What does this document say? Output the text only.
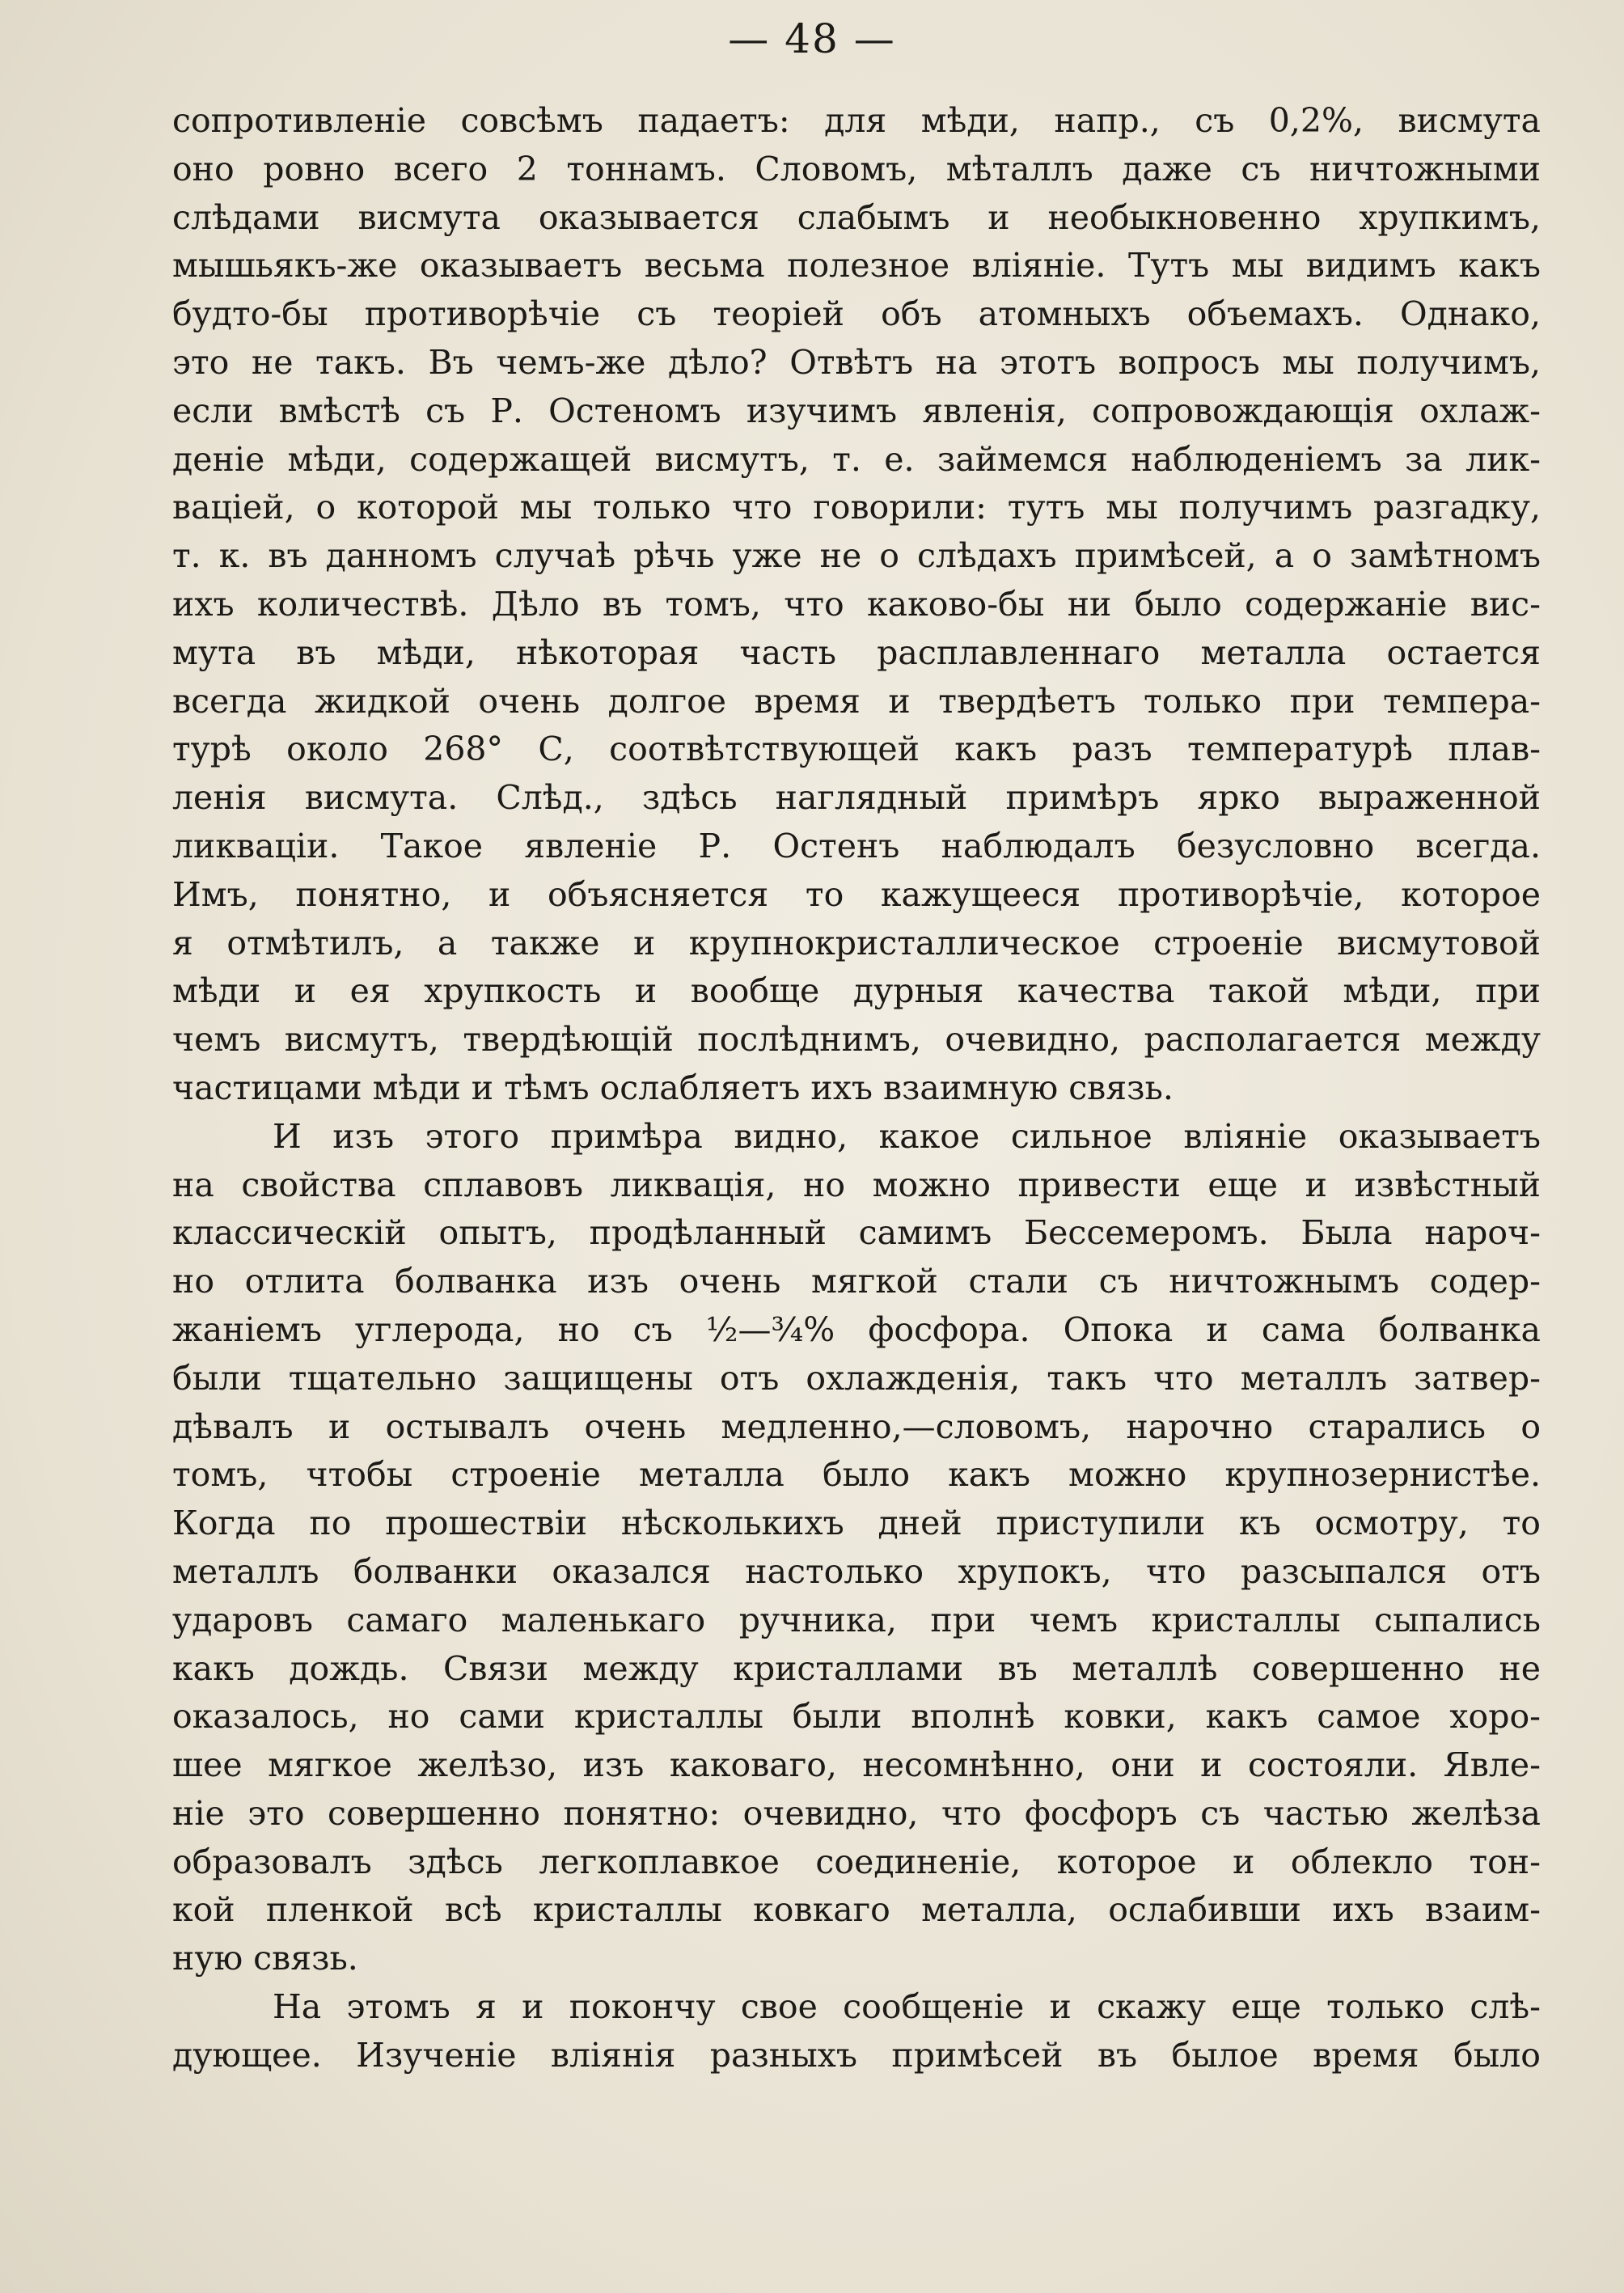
— 48 —
сопротивленіе совсѣмъ падаетъ: для мѣди, напр., съ 0,2%, висмута
оно ровно всего 2 тоннамъ. Словомъ, мѣталлъ даже съ ничтожными
слѣдами висмута оказывается слабымъ и необыкновенно хрупкимъ,
мышьякъ-же оказываетъ весьма полезное вліяніе. Тутъ мы видимъ какъ
будто-бы противорѣчіе съ теоріей объ атомныхъ объемахъ. Однако,
это не такъ. Въ чемъ-же дѣло? Отвѣтъ на этотъ вопросъ мы получимъ,
если вмѣстѣ съ Р. Остеномъ изучимъ явленія, сопровождающія охлаж-
деніе мѣди, содержащей висмутъ, т. е. займемся наблюденіемъ за лик-
ваціей, о которой мы только что говорили: тутъ мы получимъ разгадку,
т. к. въ данномъ случаѣ рѣчь уже не о слѣдахъ примѣсей, а о замѣтномъ
ихъ количествѣ. Дѣло въ томъ, что каково-бы ни было содержаніе вис-
мута въ мѣди, нѣкоторая часть расплавленнаго металла остается
всегда жидкой очень долгое время и твердѣетъ только при темпера-
турѣ около 268° С, соотвѣтствующей какъ разъ температурѣ плав-
ленія висмута. Слѣд., здѣсь наглядный примѣръ ярко выраженной
ликваціи. Такое явленіе Р. Остенъ наблюдалъ безусловно всегда.
Имъ, понятно, и объясняется то кажущееся противорѣчіе, которое
я отмѣтилъ, а также и крупнокристаллическое строеніе висмутовой
мѣди и ея хрупкость и вообще дурныя качества такой мѣди, при
чемъ висмутъ, твердѣющій послѣднимъ, очевидно, располагается между
частицами мѣди и тѣмъ ослабляетъ ихъ взаимную связь.
И изъ этого примѣра видно, какое сильное вліяніе оказываетъ
на свойства сплавовъ ликвація, но можно привести еще и извѣстный
классическій опытъ, продѣланный самимъ Бессемеромъ. Была нароч-
но отлита болванка изъ очень мягкой стали съ ничтожнымъ содер-
жаніемъ углерода, но съ ½—¾% фосфора. Опока и сама болванка
были тщательно защищены отъ охлажденія, такъ что металлъ затвер-
дѣвалъ и остывалъ очень медленно,—словомъ, нарочно старались о
томъ, чтобы строеніе металла было какъ можно крупнозернистѣе.
Когда по прошествіи нѣсколькихъ дней приступили къ осмотру, то
металлъ болванки оказался настолько хрупокъ, что разсыпался отъ
ударовъ самаго маленькаго ручника, при чемъ кристаллы сыпались
какъ дождь. Связи между кристаллами въ металлѣ совершенно не
оказалось, но сами кристаллы были вполнѣ ковки, какъ самое хоро-
шее мягкое желѣзо, изъ каковаго, несомнѣнно, они и состояли. Явле-
ніе это совершенно понятно: очевидно, что фосфоръ съ частью желѣза
образовалъ здѣсь легкоплавкое соединеніе, которое и облекло тон-
кой пленкой всѣ кристаллы ковкаго металла, ослабивши ихъ взаим-
ную связь.
На этомъ я и покончу свое сообщеніе и скажу еще только слѣ-
дующее. Изученіе вліянія разныхъ примѣсей въ былое время было
